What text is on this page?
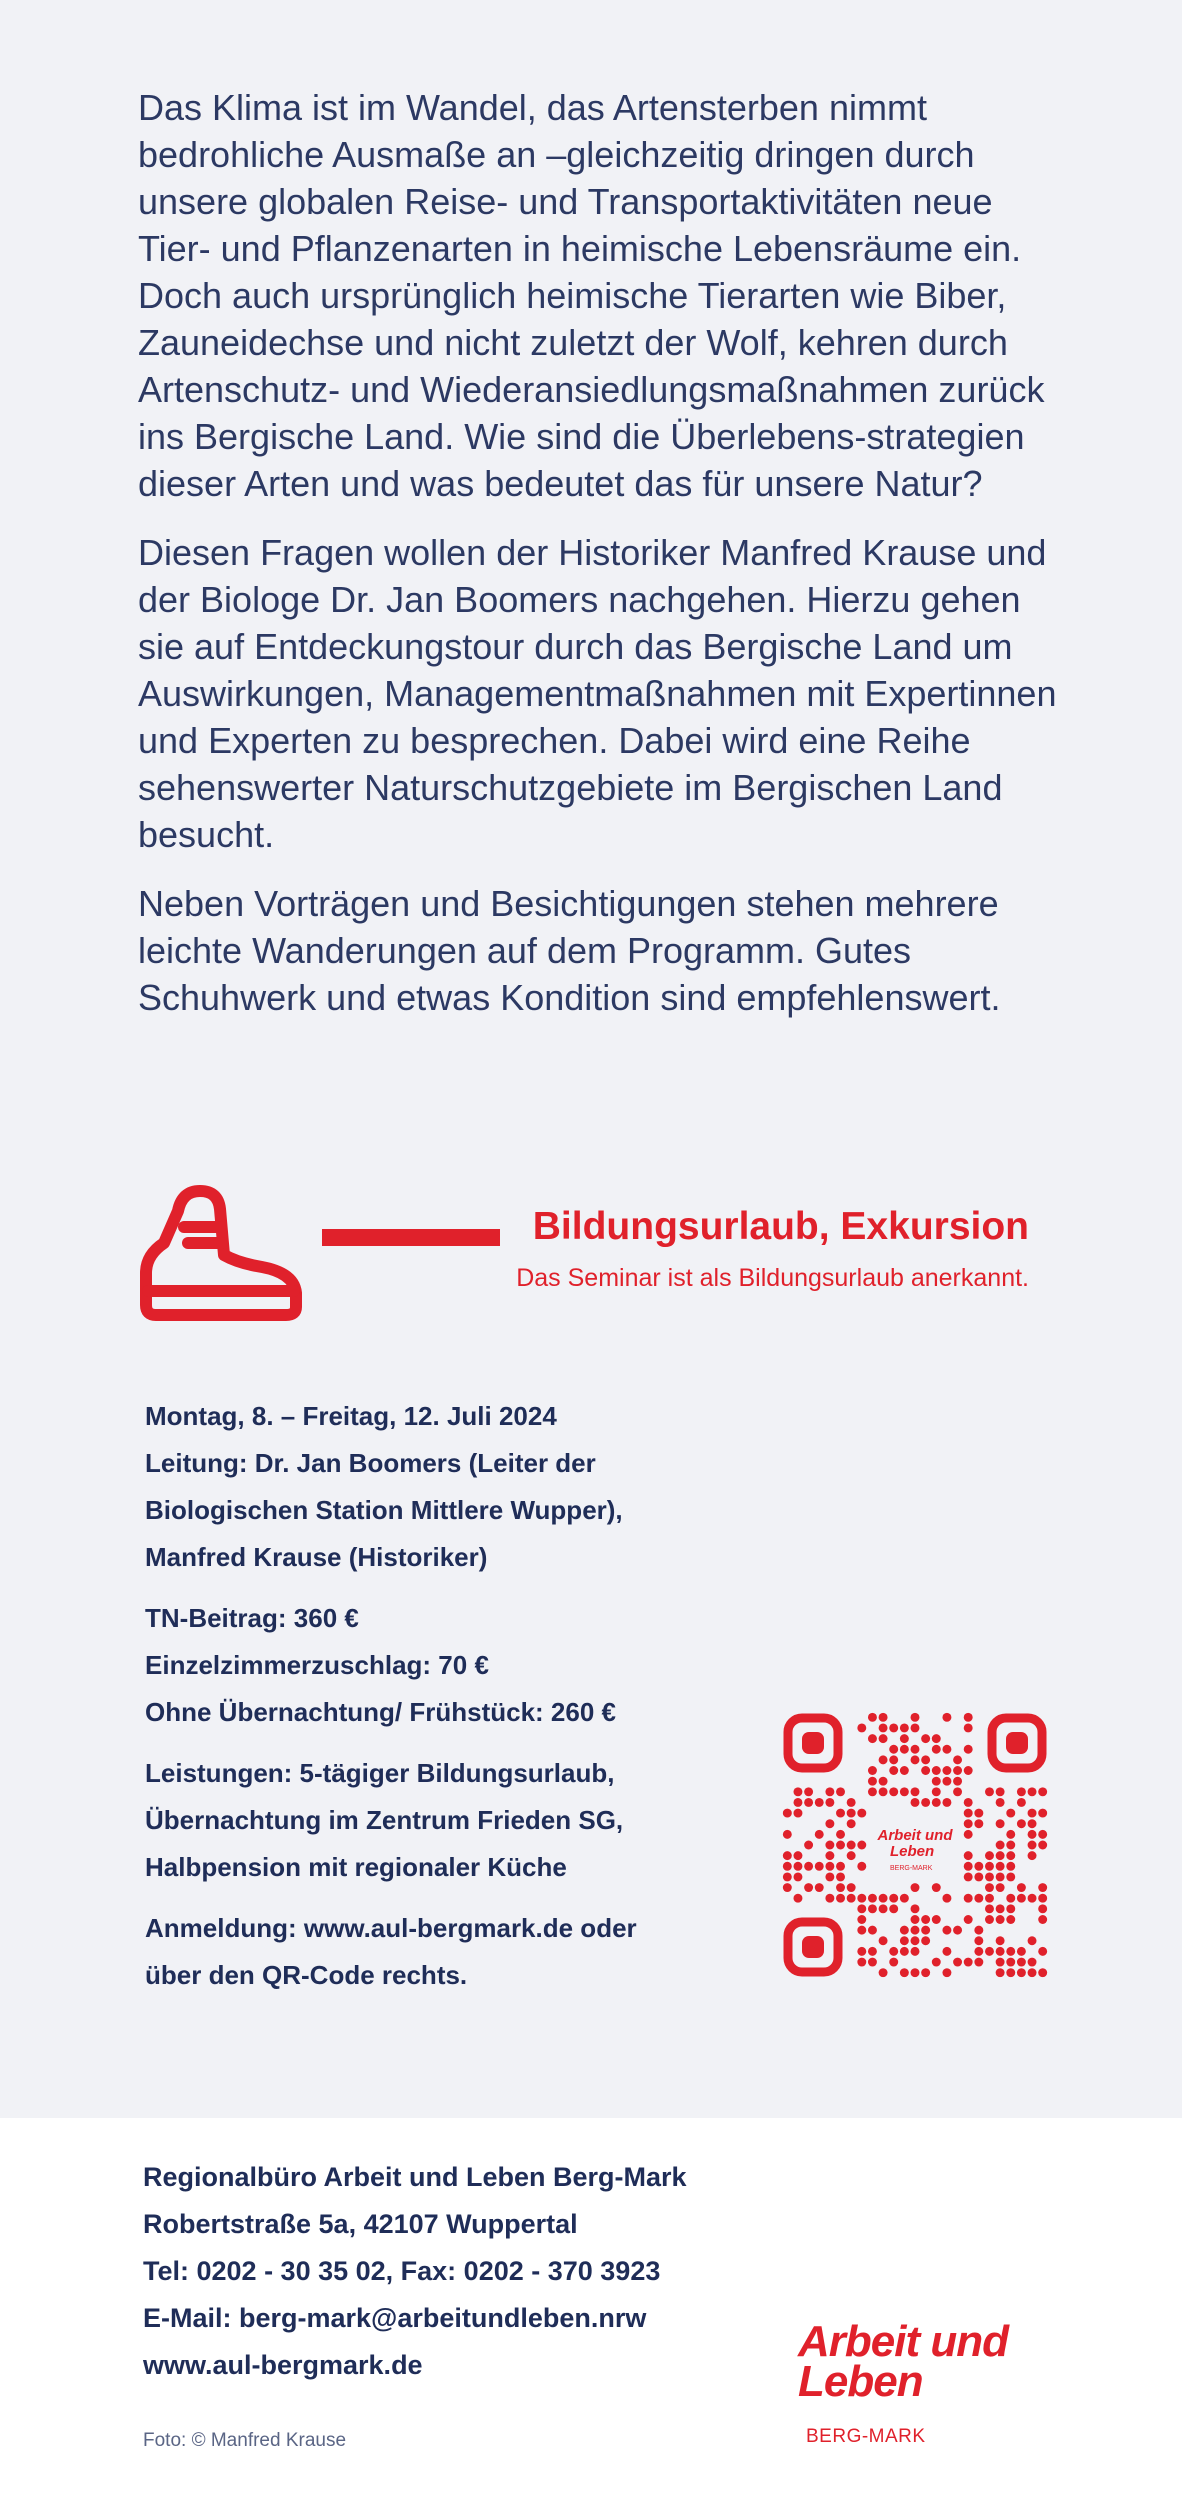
Das Klima ist im Wandel, das Artensterben nimmt bedrohliche Ausmaße an –gleichzeitig dringen durch unsere globalen Reise- und Transportaktivitäten neue Tier- und Pflanzenarten in heimische Lebensräume ein. Doch auch ursprünglich heimische Tierarten wie Biber, Zauneidechse und nicht zuletzt der Wolf, kehren durch Artenschutz- und Wiederansiedlungsmaßnahmen zurück ins Bergische Land. Wie sind die Überlebens-strategien dieser Arten und was bedeutet das für unsere Natur?

Diesen Fragen wollen der Historiker Manfred Krause und der Biologe Dr. Jan Boomers nachgehen. Hierzu gehen sie auf Entdeckungstour durch das Bergische Land um Auswirkungen, Managementmaßnahmen mit Expertinnen und Experten zu besprechen. Dabei wird eine Reihe sehenswerter Naturschutzgebiete im Bergischen Land besucht.

Neben Vorträgen und Besichtigungen stehen mehrere leichte Wanderungen auf dem Programm. Gutes Schuhwerk und etwas Kondition sind empfehlenswert.

Bildungsurlaub, Exkursion
Das Seminar ist als Bildungsurlaub anerkannt.
Montag, 8. – Freitag, 12. Juli 2024
Leitung: Dr. Jan Boomers (Leiter der
Biologischen Station Mittlere Wupper),
Manfred Krause (Historiker)
TN-Beitrag: 360 €
Einzelzimmerzuschlag: 70 €
Ohne Übernachtung/ Frühstück: 260 €
Leistungen: 5-tägiger Bildungsurlaub,
Übernachtung im Zentrum Frieden SG,
Halbpension mit regionaler Küche
Anmeldung: www.aul-bergmark.de oder
über den QR-Code rechts.
Arbeit und
Leben
BERG-MARK
Regionalbüro Arbeit und Leben Berg-Mark
Robertstraße 5a, 42107 Wuppertal
Tel: 0202 - 30 35 02, Fax: 0202 - 370 3923
E-Mail: berg-mark@arbeitundleben.nrw
www.aul-bergmark.de
Foto: © Manfred Krause
Arbeit und
Leben
BERG-MARK
